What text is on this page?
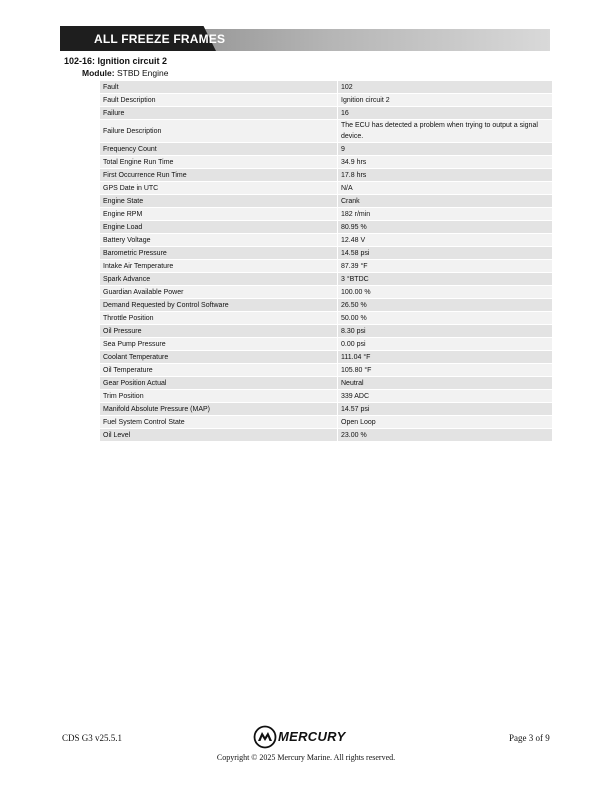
ALL FREEZE FRAMES
102-16: Ignition circuit 2
Module: STBD Engine
Fault	102
Fault Description	Ignition circuit 2
Failure	16
Failure Description	The ECU has detected a problem when trying to output a signal device.
Frequency Count	9
Total Engine Run Time	34.9 hrs
First Occurrence Run Time	17.8 hrs
GPS Date in UTC	N/A
Engine State	Crank
Engine RPM	182 r/min
Engine Load	80.95 %
Battery Voltage	12.48 V
Barometric Pressure	14.58 psi
Intake Air Temperature	87.39 °F
Spark Advance	3 °BTDC
Guardian Available Power	100.00 %
Demand Requested by Control Software	26.50 %
Throttle Position	50.00 %
Oil Pressure	8.30 psi
Sea Pump Pressure	0.00 psi
Coolant Temperature	111.04 °F
Oil Temperature	105.80 °F
Gear Position Actual	Neutral
Trim Position	339 ADC
Manifold Absolute Pressure (MAP)	14.57 psi
Fuel System Control State	Open Loop
Oil Level	23.00 %
CDS G3 v25.5.1	MERCURY	Page 3 of 9
Copyright © 2025 Mercury Marine. All rights reserved.
